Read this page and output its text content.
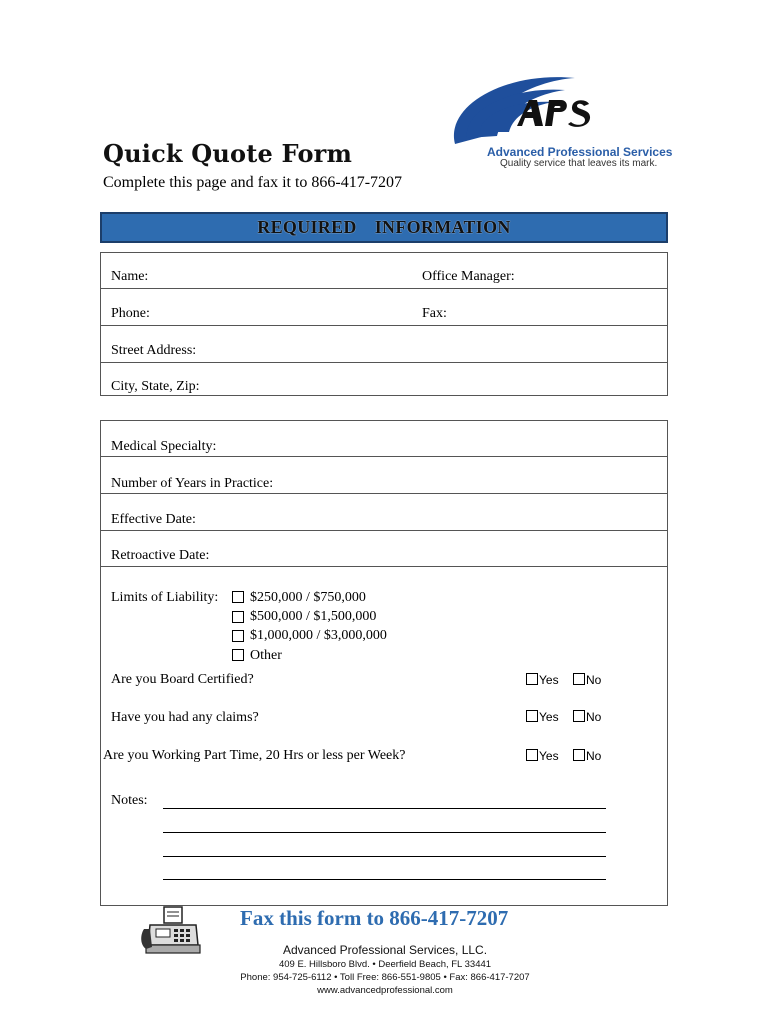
Quick Quote Form
Complete this page and fax it to 866-417-7207
Advanced Professional Services
Quality service that leaves its mark.
REQUIRED INFORMATION
Name:	Office Manager:
Phone:	Fax:
Street Address:
City, State, Zip:
Medical Specialty:
Number of Years in Practice:
Effective Date:
Retroactive Date:
Limits of Liability: $250,000 / $750,000
$500,000 / $1,500,000
$1,000,000 / $3,000,000
Other
Are you Board Certified?	Yes No
Have you had any claims?	Yes No
Are you Working Part Time, 20 Hrs or less per Week?	Yes No
Notes:
Fax this form to 866-417-7207
Advanced Professional Services, LLC.
409 E. Hillsboro Blvd. • Deerfield Beach, FL 33441
Phone: 954-725-6112 • Toll Free: 866-551-9805 • Fax: 866-417-7207
www.advancedprofessional.com
